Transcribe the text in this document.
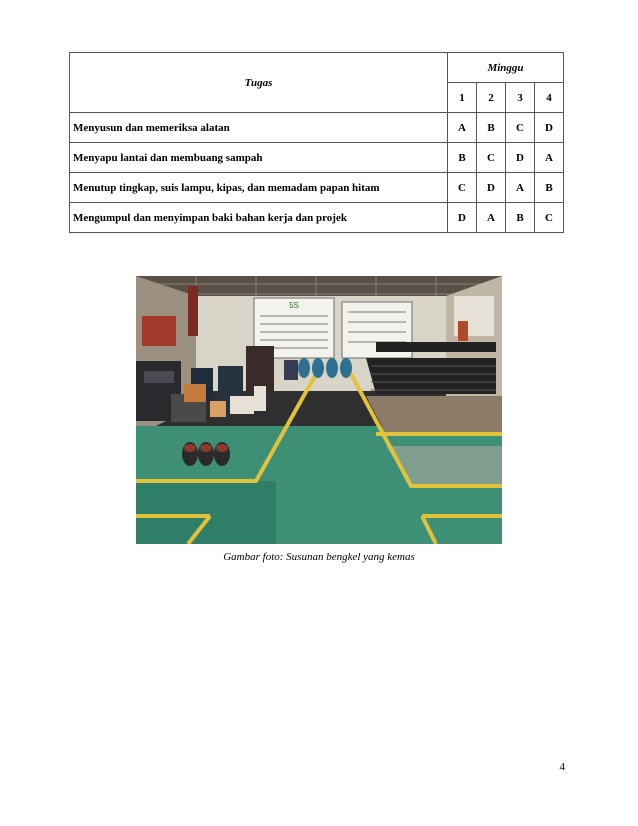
Tugas	Minggu			
	1	2	3	4
Menyusun dan memeriksa alatan	A	B	C	D
Menyapu lantai dan membuang sampah	B	C	D	A
Menutup tingkap, suis lampu, kipas, dan memadam papan hitam	C	D	A	B
Mengumpul dan menyimpan baki bahan kerja dan projek	D	A	B	C
5S
Gambar foto: Susunan bengkel yang kemas
4
